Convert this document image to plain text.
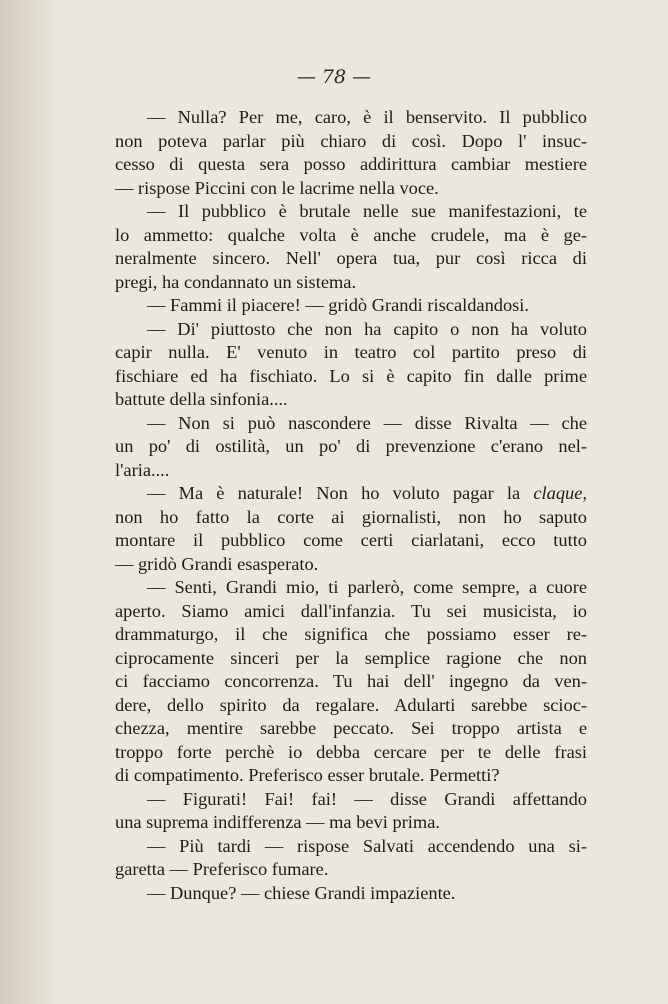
— 78 —

— Nulla? Per me, caro, è il benservito. Il pubblico
non poteva parlar più chiaro di così. Dopo l' insuc-
cesso di questa sera posso addirittura cambiar mestiere
— rispose Piccini con le lacrime nella voce.

— Il pubblico è brutale nelle sue manifestazioni, te
lo ammetto: qualche volta è anche crudele, ma è ge-
neralmente sincero. Nell' opera tua, pur così ricca di
pregi, ha condannato un sistema.

— Fammi il piacere! — gridò Grandi riscaldandosi.
— Di' piuttosto che non ha capito o non ha voluto
capir nulla. E' venuto in teatro col partito preso di
fischiare ed ha fischiato. Lo si è capito fin dalle prime
battute della sinfonia....

— Non si può nascondere — disse Rivalta — che
un po' di ostilità, un po' di prevenzione c'erano nel-
l'aria....

— Ma è naturale! Non ho voluto pagar la claque,
non ho fatto la corte ai giornalisti, non ho saputo
montare il pubblico come certi ciarlatani, ecco tutto
— gridò Grandi esasperato.

— Senti, Grandi mio, ti parlerò, come sempre, a cuore
aperto. Siamo amici dall'infanzia. Tu sei musicista, io
drammaturgo, il che significa che possiamo esser re-
ciprocamente sinceri per la semplice ragione che non
ci facciamo concorrenza. Tu hai dell' ingegno da ven-
dere, dello spirito da regalare. Adularti sarebbe scioc-
chezza, mentire sarebbe peccato. Sei troppo artista e
troppo forte perchè io debba cercare per te delle frasi
di compatimento. Preferisco esser brutale. Permetti?

— Figurati! Fai! fai! — disse Grandi affettando
una suprema indifferenza — ma bevi prima.

— Più tardi — rispose Salvati accendendo una si-
garetta — Preferisco fumare.

— Dunque? — chiese Grandi impaziente.
